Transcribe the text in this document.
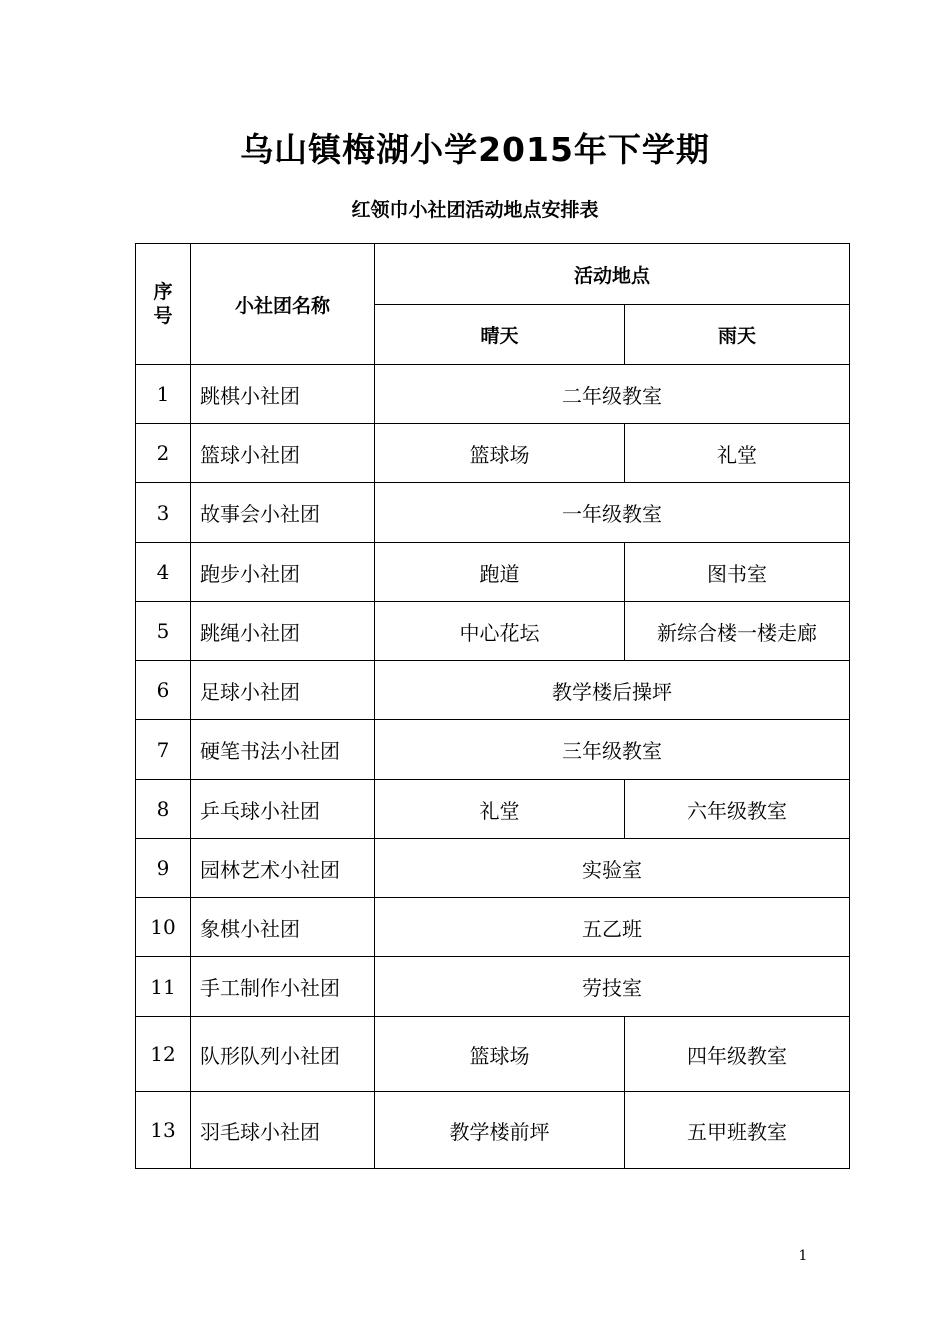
乌山镇梅湖小学2015年下学期
红领巾小社团活动地点安排表
序
号	小社团名称	活动地点	
		晴天	雨天
1	跳棋小社团	二年级教室	
2	篮球小社团	篮球场	礼堂
3	故事会小社团	一年级教室	
4	跑步小社团	跑道	图书室
5	跳绳小社团	中心花坛	新综合楼一楼走廊
6	足球小社团	教学楼后操坪	
7	硬笔书法小社团	三年级教室	
8	乒乓球小社团	礼堂	六年级教室
9	园林艺术小社团	实验室	
10	象棋小社团	五乙班	
11	手工制作小社团	劳技室	
12	队形队列小社团	篮球场	四年级教室
13	羽毛球小社团	教学楼前坪	五甲班教室
1
